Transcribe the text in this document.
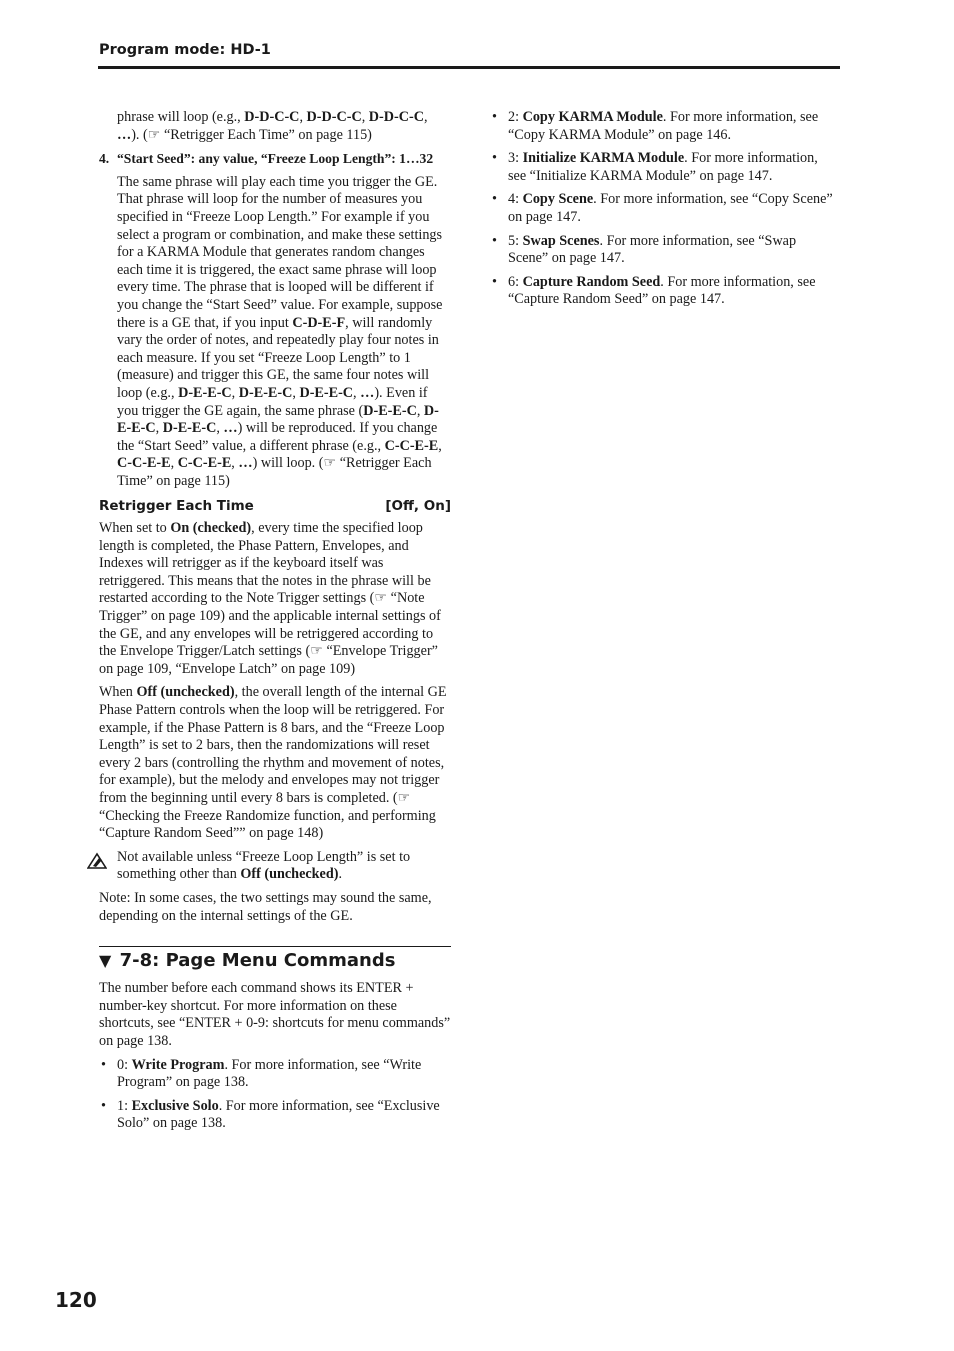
Program mode: HD-1

phrase will loop (e.g., D-D-C-C, D-D-C-C, D-D-C-C, …). (☞ “Retrigger Each Time” on page 115)

4. “Start Seed”: any value, “Freeze Loop Length”: 1…32

The same phrase will play each time you trigger the GE. That phrase will loop for the number of measures you specified in “Freeze Loop Length.” For example if you select a program or combination, and make these settings for a KARMA Module that generates random changes each time it is triggered, the exact same phrase will loop every time. The phrase that is looped will be different if you change the “Start Seed” value. For example, suppose there is a GE that, if you input C-D-E-F, will randomly vary the order of notes, and repeatedly play four notes in each measure. If you set “Freeze Loop Length” to 1 (measure) and trigger this GE, the same four notes will loop (e.g., D-E-E-C, D-E-E-C, D-E-E-C, …). Even if you trigger the GE again, the same phrase (D-E-E-C, D-E-E-C, D-E-E-C, …) will be reproduced. If you change the “Start Seed” value, a different phrase (e.g., C-C-E-E, C-C-E-E, C-C-E-E, …) will loop. (☞ “Retrigger Each Time” on page 115)

Retrigger Each Time	[Off, On]

When set to On (checked), every time the specified loop length is completed, the Phase Pattern, Envelopes, and Indexes will retrigger as if the keyboard itself was retriggered. This means that the notes in the phrase will be restarted according to the Note Trigger settings (☞ “Note Trigger” on page 109) and the applicable internal settings of the GE, and any envelopes will be retriggered according to the Envelope Trigger/Latch settings (☞ “Envelope Trigger” on page 109, “Envelope Latch” on page 109)

When Off (unchecked), the overall length of the internal GE Phase Pattern controls when the loop will be retriggered. For example, if the Phase Pattern is 8 bars, and the “Freeze Loop Length” is set to 2 bars, then the randomizations will reset every 2 bars (controlling the rhythm and movement of notes, for example), but the melody and envelopes may not trigger from the beginning until every 8 bars is completed. (☞ “Checking the Freeze Randomize function, and performing “Capture Random Seed”” on page 148)

Not available unless “Freeze Loop Length” is set to something other than Off (unchecked).

Note: In some cases, the two settings may sound the same, depending on the internal settings of the GE.

▼ 7-8: Page Menu Commands

The number before each command shows its ENTER + number-key shortcut. For more information on these shortcuts, see “ENTER + 0-9: shortcuts for menu commands” on page 138.

• 0: Write Program. For more information, see “Write Program” on page 138.
• 1: Exclusive Solo. For more information, see “Exclusive Solo” on page 138.
• 2: Copy KARMA Module. For more information, see “Copy KARMA Module” on page 146.
• 3: Initialize KARMA Module. For more information, see “Initialize KARMA Module” on page 147.
• 4: Copy Scene. For more information, see “Copy Scene” on page 147.
• 5: Swap Scenes. For more information, see “Swap Scene” on page 147.
• 6: Capture Random Seed. For more information, see “Capture Random Seed” on page 147.
120
